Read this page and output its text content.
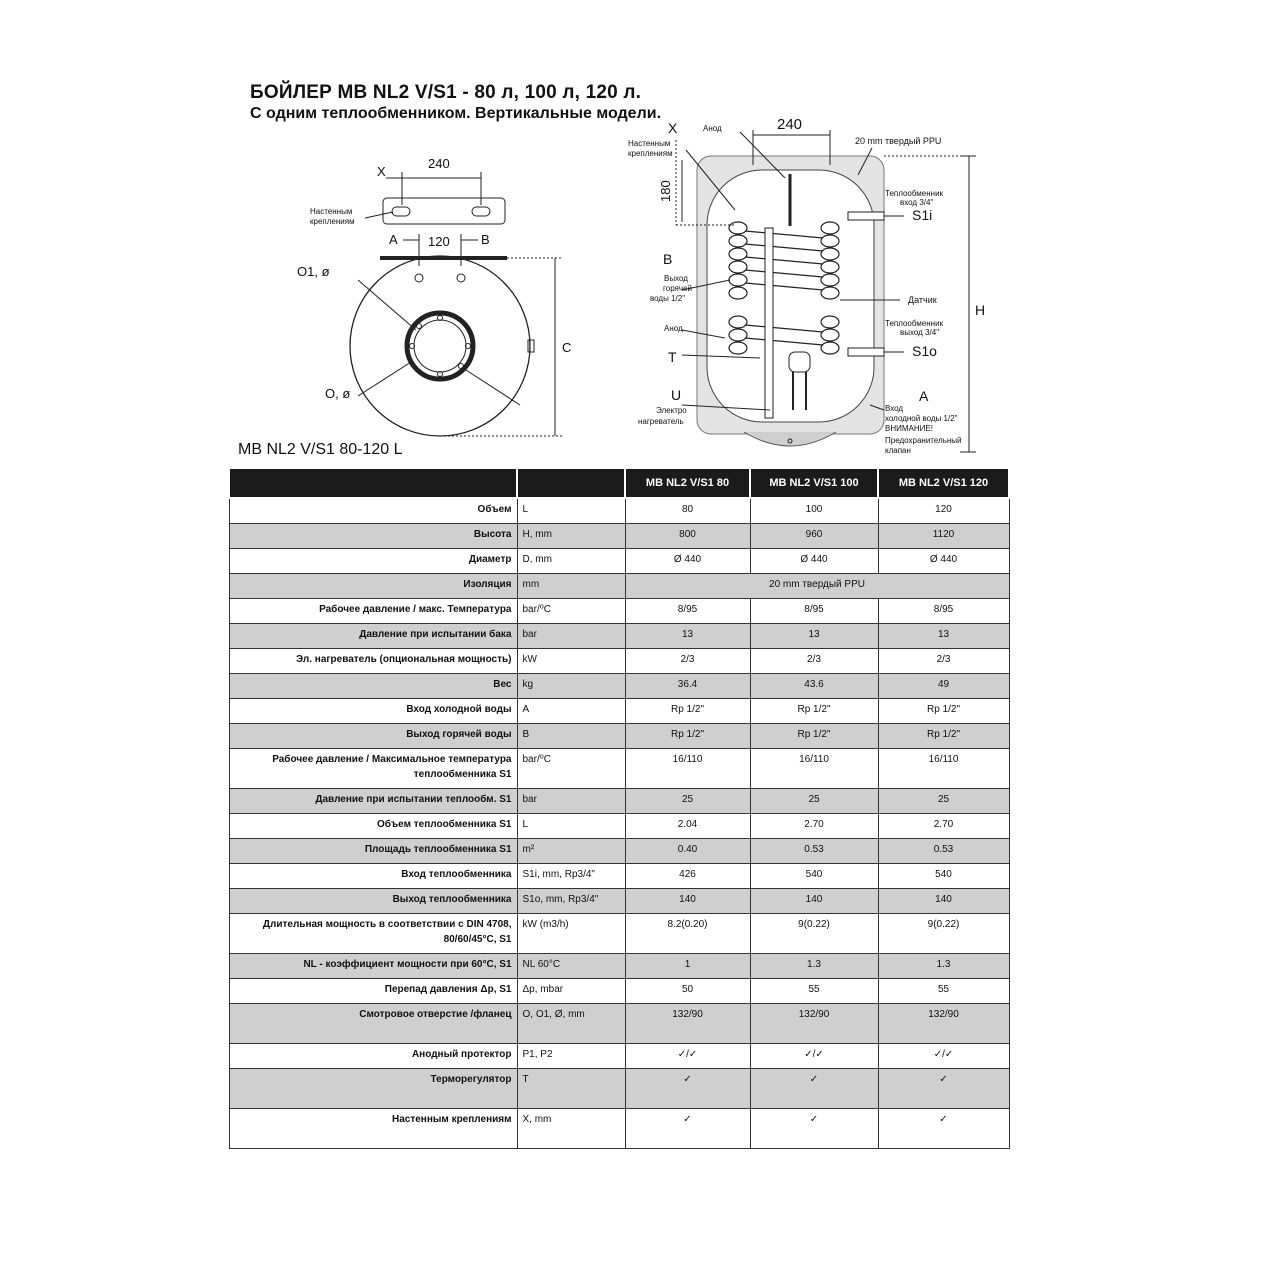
БОЙЛЕР MB NL2 V/S1 - 80 л, 100 л, 120 л.
С одним теплообменником. Вертикальные модели.
X
240
Настенным
креплениям
A 120 B
O1, ø
O, ø
C
X
Настенным
креплениям
Анод	240
20 mm твердый PPU
180	Теплообменник
вход 3/4"
S1i
B
Выход
горячей
воды 1/2"	Датчик
H
Анод
Теплообменник
выход 3/4"
S1o
T
U	A
Электро
нагреватель
Вход
холодной воды 1/2"
ВНИМАНИЕ!
Предохранительный
клапан
MB NL2 V/S1 80-120 L
		MB NL2 V/S1 80	MB NL2 V/S1 100	MB NL2 V/S1 120
Объем	L	80	100	120
Высота	H, mm	800	960	1120
Диаметр	D, mm	Ø 440	Ø 440	Ø 440
Изоляция	mm	20 mm твердый PPU		
Рабочее давление / макс. Температура	bar/⁰C	8/95	8/95	8/95
Давление при испытании бака	bar	13	13	13
Эл. нагреватель (опциональная мощность)	kW	2/3	2/3	2/3
Вес	kg	36.4	43.6	49
Вход холодной воды	A	Rp 1/2"	Rp 1/2"	Rp 1/2"
Выход горячей воды	B	Rp 1/2"	Rp 1/2"	Rp 1/2"
Рабочее давление / Максимальное температура теплообменника S1	bar/⁰C	16/110	16/110	16/110
Давление при испытании теплообм. S1	bar	25	25	25
Объем теплообменника S1	L	2.04	2.70	2.70
Площадь теплообменника S1	m²	0.40	0.53	0.53
Вход теплообменника	S1i, mm, Rp3/4"	426	540	540
Выход теплообменника	S1o, mm, Rp3/4"	140	140	140
Длительная мощность в соответствии с DIN 4708, 80/60/45°C, S1	kW (m3/h)	8.2(0.20)	9(0.22)	9(0.22)
NL - коэффициент мощности при 60°C, S1	NL 60°C	1	1.3	1.3
Перепад давления Δp, S1	Δp, mbar	50	55	55
Смотровое отверстие /фланец	O, O1, Ø, mm	132/90	132/90	132/90
Анодный протектор	P1, P2	✓/✓	✓/✓	✓/✓
Терморегулятор	T	✓	✓	✓
Настенным креплениям	X, mm	✓	✓	✓
